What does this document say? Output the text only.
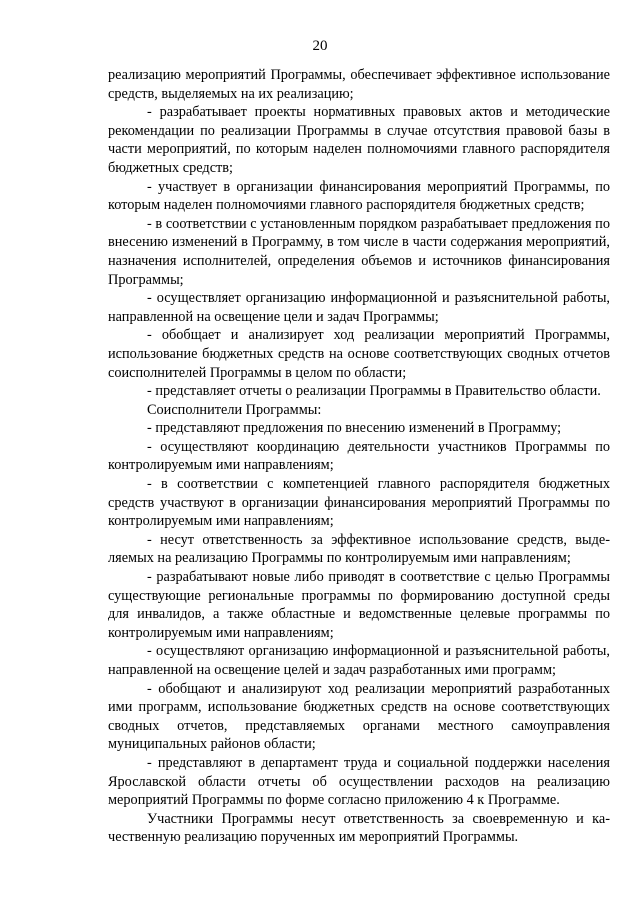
20

реализацию мероприятий Программы, обеспечивает эффективное использование средств, выделяемых на их реализацию;

- разрабатывает проекты нормативных правовых актов и методические рекомендации по реализации Программы в случае отсутствия правовой базы в части мероприятий, по которым наделен полномочиями главного распорядителя бюджетных средств;

- участвует в организации финансирования мероприятий Программы, по которым наделен полномочиями главного распорядителя бюджетных средств;

- в соответствии с установленным порядком разрабатывает предложения по внесению изменений в Программу, в том числе в части содержания мероприятий, назначения исполнителей, определения объемов и источников финансирования Программы;

- осуществляет организацию информационной и разъяснительной работы, направленной на освещение цели и задач Программы;

- обобщает и анализирует ход реализации мероприятий Программы, использование бюджетных средств на основе соответствующих сводных отчетов соисполнителей Программы в целом по области;

- представляет отчеты о реализации Программы в Правительство области.

Соисполнители Программы:

- представляют предложения по внесению изменений в Программу;

- осуществляют координацию деятельности участников Программы по контролируемым ими направлениям;

- в соответствии с компетенцией главного распорядителя бюджетных средств участвуют в организации финансирования мероприятий Программы по контролируемым ими направлениям;

- несут ответственность за эффективное использование средств, выделяемых на реализацию Программы по контролируемым ими направлениям;

- разрабатывают новые либо приводят в соответствие с целью Программы существующие региональные программы по формированию доступной среды для инвалидов, а также областные и ведомственные целевые программы по контролируемым ими направлениям;

- осуществляют организацию информационной и разъяснительной работы, направленной на освещение целей и задач разработанных ими программ;

- обобщают и анализируют ход реализации мероприятий разработанных ими программ, использование бюджетных средств на основе соответствующих сводных отчетов, представляемых органами местного самоуправления муниципальных районов области;

- представляют в департамент труда и социальной поддержки населения Ярославской области отчеты об осуществлении расходов на реализацию мероприятий Программы по форме согласно приложению 4 к Программе.

Участники Программы несут ответственность за своевременную и качественную реализацию порученных им мероприятий Программы.
